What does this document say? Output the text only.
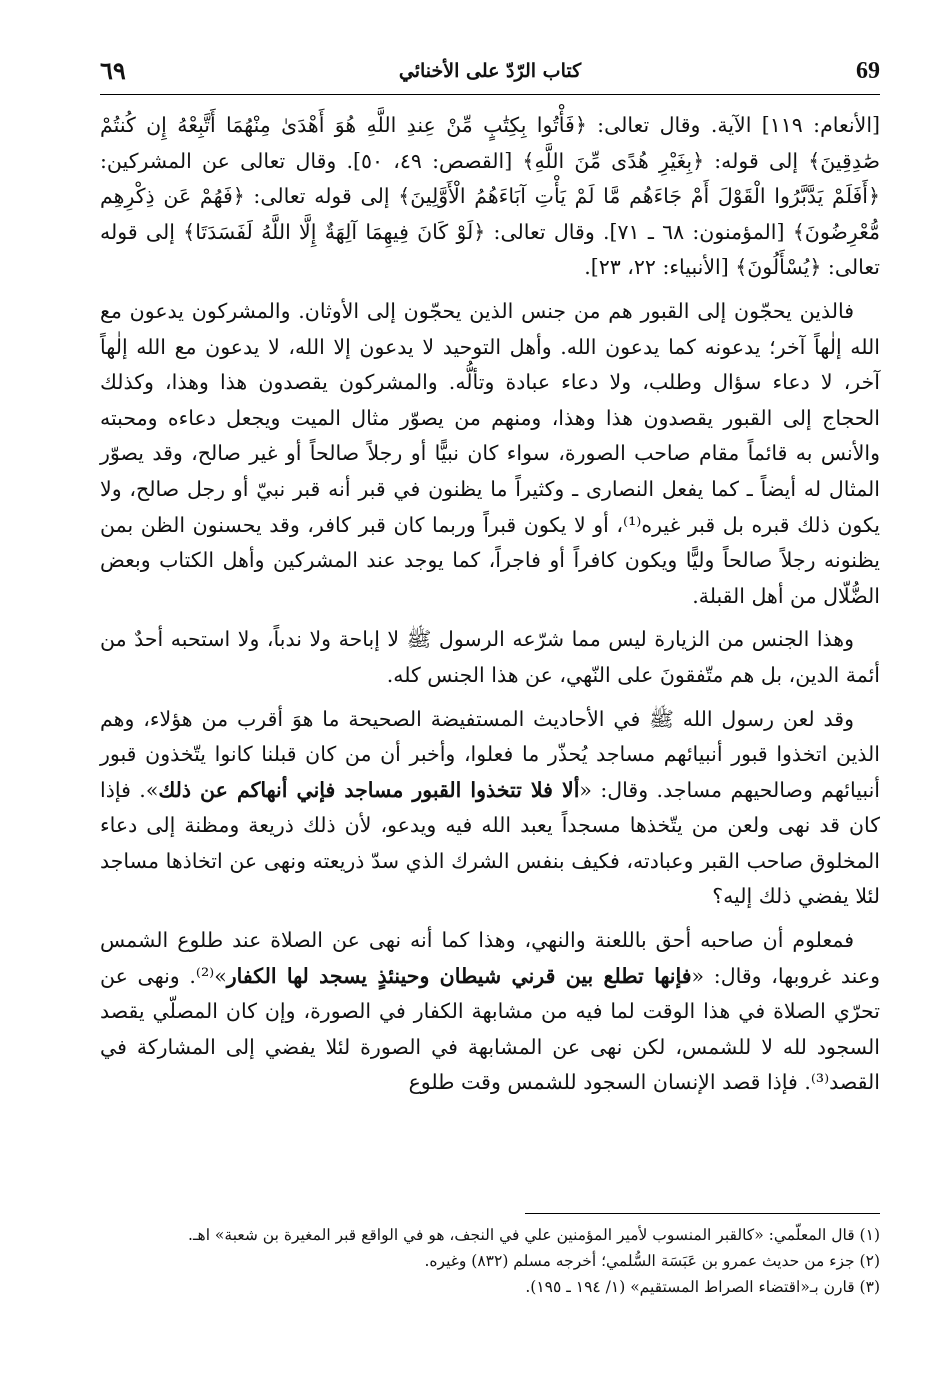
٦٩	كتاب الرّدّ على الأخنائي	69

[الأنعام: ١١٩] الآية. وقال تعالى: ﴿فَأْتُوا بِكِتَٰبٍ مِّنْ عِندِ اللَّهِ هُوَ أَهْدَىٰ مِنْهُمَا أَتَّبِعْهُ إِن كُنتُمْ صَٰدِقِينَ﴾ إلى قوله: ﴿بِغَيْرِ هُدًى مِّنَ اللَّهِ﴾ [القصص: ٤٩، ٥٠]. وقال تعالى عن المشركين: ﴿أَفَلَمْ يَدَّبَّرُوا الْقَوْلَ أَمْ جَاءَهُم مَّا لَمْ يَأْتِ آبَاءَهُمُ الْأَوَّلِينَ﴾ إلى قوله تعالى: ﴿فَهُمْ عَن ذِكْرِهِم مُّعْرِضُونَ﴾ [المؤمنون: ٦٨ ـ ٧١]. وقال تعالى: ﴿لَوْ كَانَ فِيهِمَا آلِهَةٌ إِلَّا اللَّهُ لَفَسَدَتَا﴾ إلى قوله تعالى: ﴿يُسْأَلُونَ﴾ [الأنبياء: ٢٢، ٢٣].

فالذين يحجّون إلى القبور هم من جنس الذين يحجّون إلى الأوثان. والمشركون يدعون مع الله إلٰهاً آخر؛ يدعونه كما يدعون الله. وأهل التوحيد لا يدعون إلا الله، لا يدعون مع الله إلٰهاً آخر، لا دعاء سؤال وطلب، ولا دعاء عبادة وتألُّه. والمشركون يقصدون هذا وهذا، وكذلك الحجاج إلى القبور يقصدون هذا وهذا، ومنهم من يصوّر مثال الميت ويجعل دعاءه ومحبته والأنس به قائماً مقام صاحب الصورة، سواء كان نبيًّا أو رجلاً صالحاً أو غير صالح، وقد يصوّر المثال له أيضاً ـ كما يفعل النصارى ـ وكثيراً ما يظنون في قبر أنه قبر نبيّ أو رجل صالح، ولا يكون ذلك قبره بل قبر غيره⁽¹⁾، أو لا يكون قبراً وربما كان قبر كافر، وقد يحسنون الظن بمن يظنونه رجلاً صالحاً وليًّا ويكون كافراً أو فاجراً، كما يوجد عند المشركين وأهل الكتاب وبعض الضُّلّال من أهل القبلة.

وهذا الجنس من الزيارة ليس مما شرّعه الرسول ﷺ لا إباحة ولا ندباً، ولا استحبه أحدٌ من أئمة الدين، بل هم متّفقونَ على النّهي، عن هذا الجنس كله.

وقد لعن رسول الله ﷺ في الأحاديث المستفيضة الصحيحة ما هوَ أقرب من هؤلاء، وهم الذين اتخذوا قبور أنبيائهم مساجد يُحذّر ما فعلوا، وأخبر أن من كان قبلنا كانوا يتّخذون قبور أنبيائهم وصالحيهم مساجد. وقال: «ألا فلا تتخذوا القبور مساجد فإني أنهاكم عن ذلك». فإذا كان قد نهى ولعن من يتّخذها مسجداً يعبد الله فيه ويدعو، لأن ذلك ذريعة ومظنة إلى دعاء المخلوق صاحب القبر وعبادته، فكيف بنفس الشرك الذي سدّ ذريعته ونهى عن اتخاذها مساجد لئلا يفضي ذلك إليه؟

فمعلوم أن صاحبه أحق باللعنة والنهي، وهذا كما أنه نهى عن الصلاة عند طلوع الشمس وعند غروبها، وقال: «فإنها تطلع بين قرني شيطان وحينئذٍ يسجد لها الكفار»⁽²⁾. ونهى عن تحرّي الصلاة في هذا الوقت لما فيه من مشابهة الكفار في الصورة، وإن كان المصلّي يقصد السجود لله لا للشمس، لكن نهى عن المشابهة في الصورة لئلا يفضي إلى المشاركة في القصد⁽³⁾. فإذا قصد الإنسان السجود للشمس وقت طلوع

(١) قال المعلّمي: «كالقبر المنسوب لأمير المؤمنين علي في النجف، هو في الواقع قبر المغيرة بن شعبة» اهـ.

(٢) جزء من حديث عمرو بن عَبَسَة السُّلمي؛ أخرجه مسلم (٨٣٢) وغيره.

(٣) قارن بـ«اقتضاء الصراط المستقيم» (١/ ١٩٤ ـ ١٩٥).
